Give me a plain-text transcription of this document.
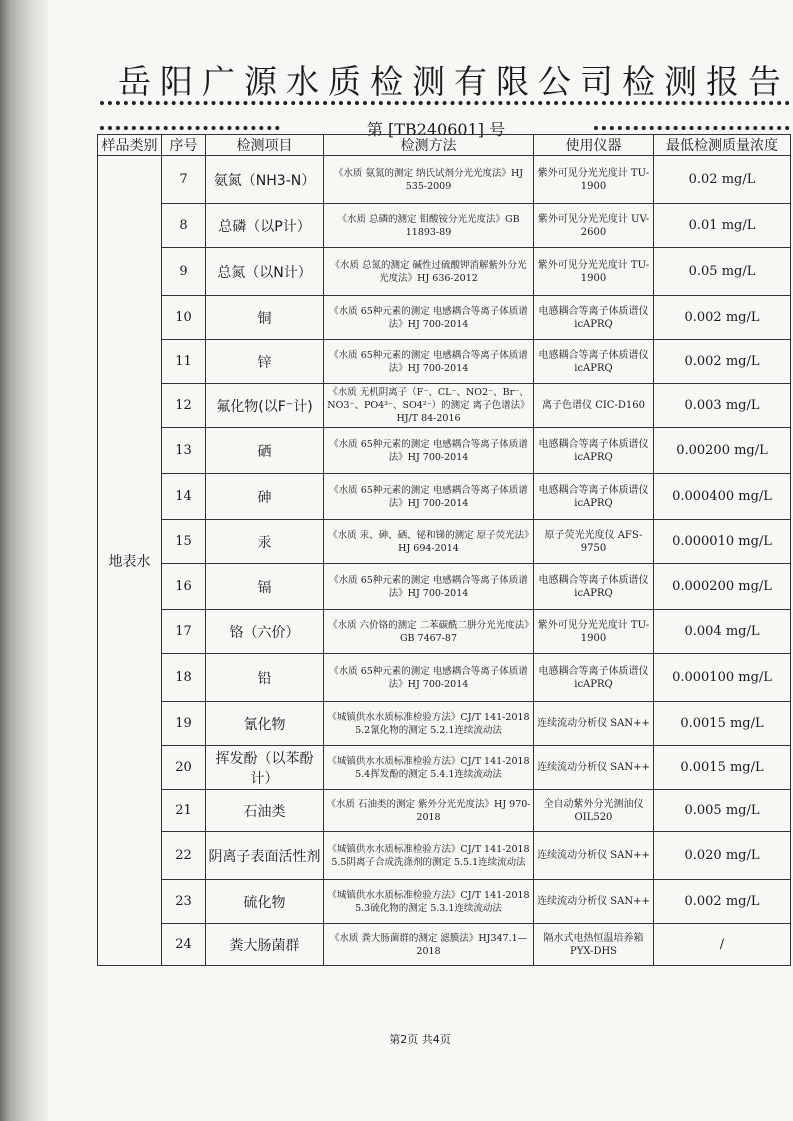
岳阳广源水质检测有限公司检测报告
第 [TB240601] 号
样品类别	序号	检测项目	检测方法	使用仪器	最低检测质量浓度
地表水	7	氨氮（NH3-N）	《水质 氨氮的测定 纳氏试剂分光光度法》HJ 535-2009	紫外可见分光光度计 TU-1900	0.02 mg/L
	8	总磷（以P计）	《水质 总磷的测定 钼酸铵分光光度法》GB 11893-89	紫外可见分光光度计 UV-2600	0.01 mg/L
	9	总氮（以N计）	《水质 总氮的测定 碱性过硫酸钾消解紫外分光光度法》HJ 636-2012	紫外可见分光光度计 TU-1900	0.05 mg/L
	10	铜	《水质 65种元素的测定 电感耦合等离子体质谱法》HJ 700-2014	电感耦合等离子体质谱仪 icAPRQ	0.002 mg/L
	11	锌	《水质 65种元素的测定 电感耦合等离子体质谱法》HJ 700-2014	电感耦合等离子体质谱仪 icAPRQ	0.002 mg/L
	12	氟化物(以F⁻计)	《水质 无机阴离子（F⁻、CL⁻、NO2⁻、Br⁻、NO3⁻、PO4³⁻、SO4²⁻）的测定 离子色谱法》HJ/T 84-2016	离子色谱仪 CIC-D160	0.003 mg/L
	13	硒	《水质 65种元素的测定 电感耦合等离子体质谱法》HJ 700-2014	电感耦合等离子体质谱仪 icAPRQ	0.00200 mg/L
	14	砷	《水质 65种元素的测定 电感耦合等离子体质谱法》HJ 700-2014	电感耦合等离子体质谱仪 icAPRQ	0.000400 mg/L
	15	汞	《水质 汞、砷、硒、铋和锑的测定 原子荧光法》HJ 694-2014	原子荧光光度仪 AFS-9750	0.000010 mg/L
	16	镉	《水质 65种元素的测定 电感耦合等离子体质谱法》HJ 700-2014	电感耦合等离子体质谱仪 icAPRQ	0.000200 mg/L
	17	铬（六价）	《水质 六价铬的测定 二苯碳酰二肼分光光度法》GB 7467-87	紫外可见分光光度计 TU-1900	0.004 mg/L
	18	铅	《水质 65种元素的测定 电感耦合等离子体质谱法》HJ 700-2014	电感耦合等离子体质谱仪 icAPRQ	0.000100 mg/L
	19	氰化物	《城镇供水水质标准检验方法》CJ/T 141-2018 5.2氰化物的测定 5.2.1连续流动法	连续流动分析仪 SAN++	0.0015 mg/L
	20	挥发酚（以苯酚计）	《城镇供水水质标准检验方法》CJ/T 141-2018 5.4挥发酚的测定 5.4.1连续流动法	连续流动分析仪 SAN++	0.0015 mg/L
	21	石油类	《水质 石油类的测定 紫外分光光度法》HJ 970-2018	全自动紫外分光测油仪 OIL520	0.005 mg/L
	22	阴离子表面活性剂	《城镇供水水质标准检验方法》CJ/T 141-2018 5.5阴离子合成洗涤剂的测定 5.5.1连续流动法	连续流动分析仪 SAN++	0.020 mg/L
	23	硫化物	《城镇供水水质标准检验方法》CJ/T 141-2018 5.3硫化物的测定 5.3.1连续流动法	连续流动分析仪 SAN++	0.002 mg/L
	24	粪大肠菌群	《水质 粪大肠菌群的测定 滤膜法》HJ347.1—2018	隔水式电热恒温培养箱 PYX-DHS	/
第2页 共4页
